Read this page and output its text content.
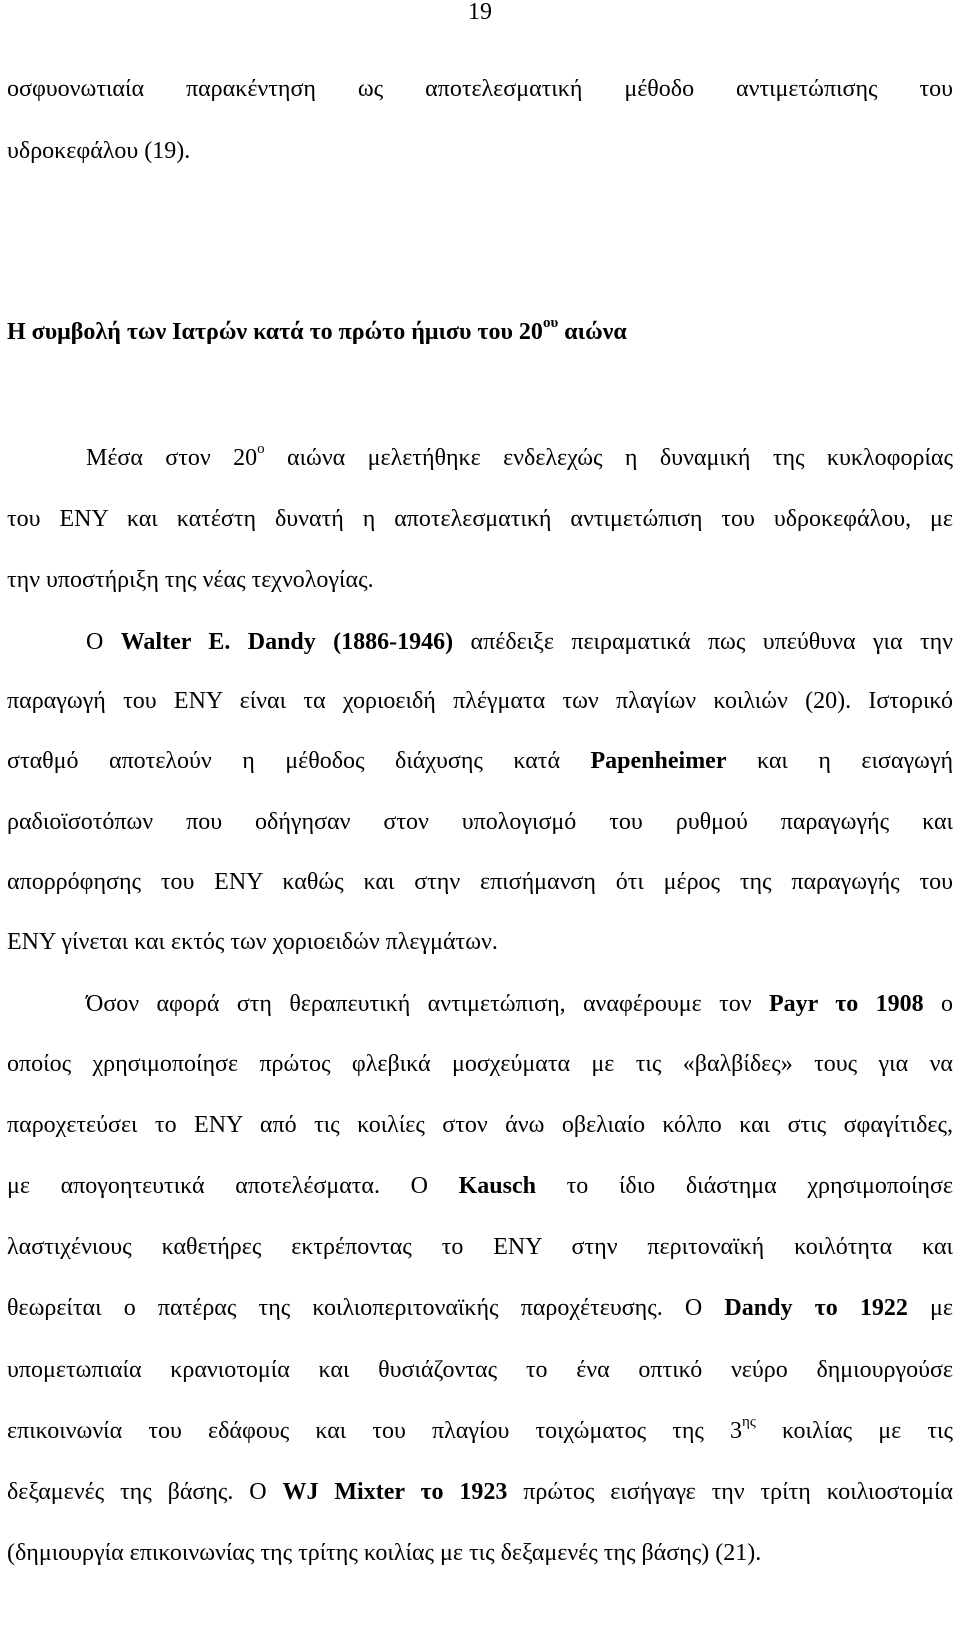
19
οσφυονωτιαία παρακέντηση ως αποτελεσματική μέθοδο αντιμετώπισης του
υδροκεφάλου (19).
Η συμβολή των Ιατρών κατά το πρώτο ήμισυ του $20^{o\upsilon}$ αιώνα
Μέσα στον $20^o$ αιώνα μελετήθηκε ενδελεχώς η δυναμική της κυκλοφορίας
του ΕΝΥ και κατέστη δυνατή η αποτελεσματική αντιμετώπιση του υδροκεφάλου, με
την υποστήριξη της νέας τεχνολογίας.
Ο Walter E. Dandy (1886-1946) απέδειξε πειραματικά πως υπεύθυνα για την
παραγωγή του ΕΝΥ είναι τα χοριοειδή πλέγματα των πλαγίων κοιλιών (20). Ιστορικό
σταθμό αποτελούν η μέθοδος διάχυσης κατά Papenheimer και η εισαγωγή
ραδιοϊσοτόπων που οδήγησαν στον υπολογισμό του ρυθμού παραγωγής και
απορρόφησης του ΕΝΥ καθώς και στην επισήμανση ότι μέρος της παραγωγής του
ΕΝΥ γίνεται και εκτός των χοριοειδών πλεγμάτων.
Όσον αφορά στη θεραπευτική αντιμετώπιση, αναφέρουμε τον Payr το 1908 ο
οποίος χρησιμοποίησε πρώτος φλεβικά μοσχεύματα με τις «βαλβίδες» τους για να
παροχετεύσει το ΕΝΥ από τις κοιλίες στον άνω οβελιαίο κόλπο και στις σφαγίτιδες,
με απογοητευτικά αποτελέσματα. Ο Kausch το ίδιο διάστημα χρησιμοποίησε
λαστιχένιους καθετήρες εκτρέποντας το ΕΝΥ στην περιτοναϊκή κοιλότητα και
θεωρείται ο πατέρας της κοιλιοπεριτοναϊκής παροχέτευσης. Ο Dandy το 1922 με
υπομετωπιαία κρανιοτομία και θυσιάζοντας το ένα οπτικό νεύρο δημιουργούσε
επικοινωνία του εδάφους και του πλαγίου τοιχώματος της $3^{\eta\varsigma}$ κοιλίας με τις
δεξαμενές της βάσης. Ο WJ Mixter το 1923 πρώτος εισήγαγε την τρίτη κοιλιοστομία
(δημιουργία επικοινωνίας της τρίτης κοιλίας με τις δεξαμενές της βάσης) (21).
